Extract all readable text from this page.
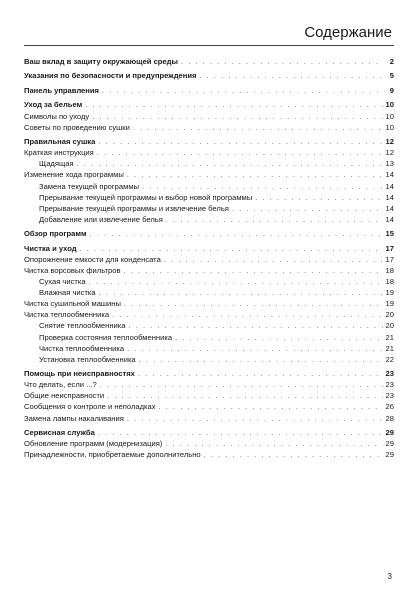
Содержание
Ваш вклад в защиту окружающей среды . . .	2
Указания по безопасности и предупреждения . . .	5
Панель управления . . .	9
Уход за бельем . . .	10
Символы по уходу . . .	10
Советы по проведению сушки . . .	10
Правильная сушка . . .	12
Краткая инструкция . . .	12
Щадящая . . .	13
Изменение хода программы . . .	14
Замена текущей программы . . .	14
Прерывание текущей программы и выбор новой программы . . .	14
Прерывание текущей программы и извлечение белья . . .	14
Добавление или извлечение белья . . .	14
Обзор программ . . .	15
Чистка и уход . . .	17
Опорожнение емкости для конденсата . . .	17
Чистка ворсовых фильтров . . .	18
Сухая чистка . . .	18
Влажная чистка . . .	19
Чистка сушильной машины . . .	19
Чистка теплообменника . . .	20
Снятие теплообменника . . .	20
Проверка состояния теплообменника . . .	21
Чистка теплообменника . . .	21
Установка теплообменника . . .	22
Помощь при неисправностях . . .	23
Что делать, если ...? . . .	23
Общие неисправности . . .	23
Сообщения о контроле и неполадках . . .	26
Замена лампы накаливания . . .	28
Сервисная служба . . .	29
Обновление программ (модернизация) . . .	29
Принадлежности, приобретаемые дополнительно . . .	29
3
